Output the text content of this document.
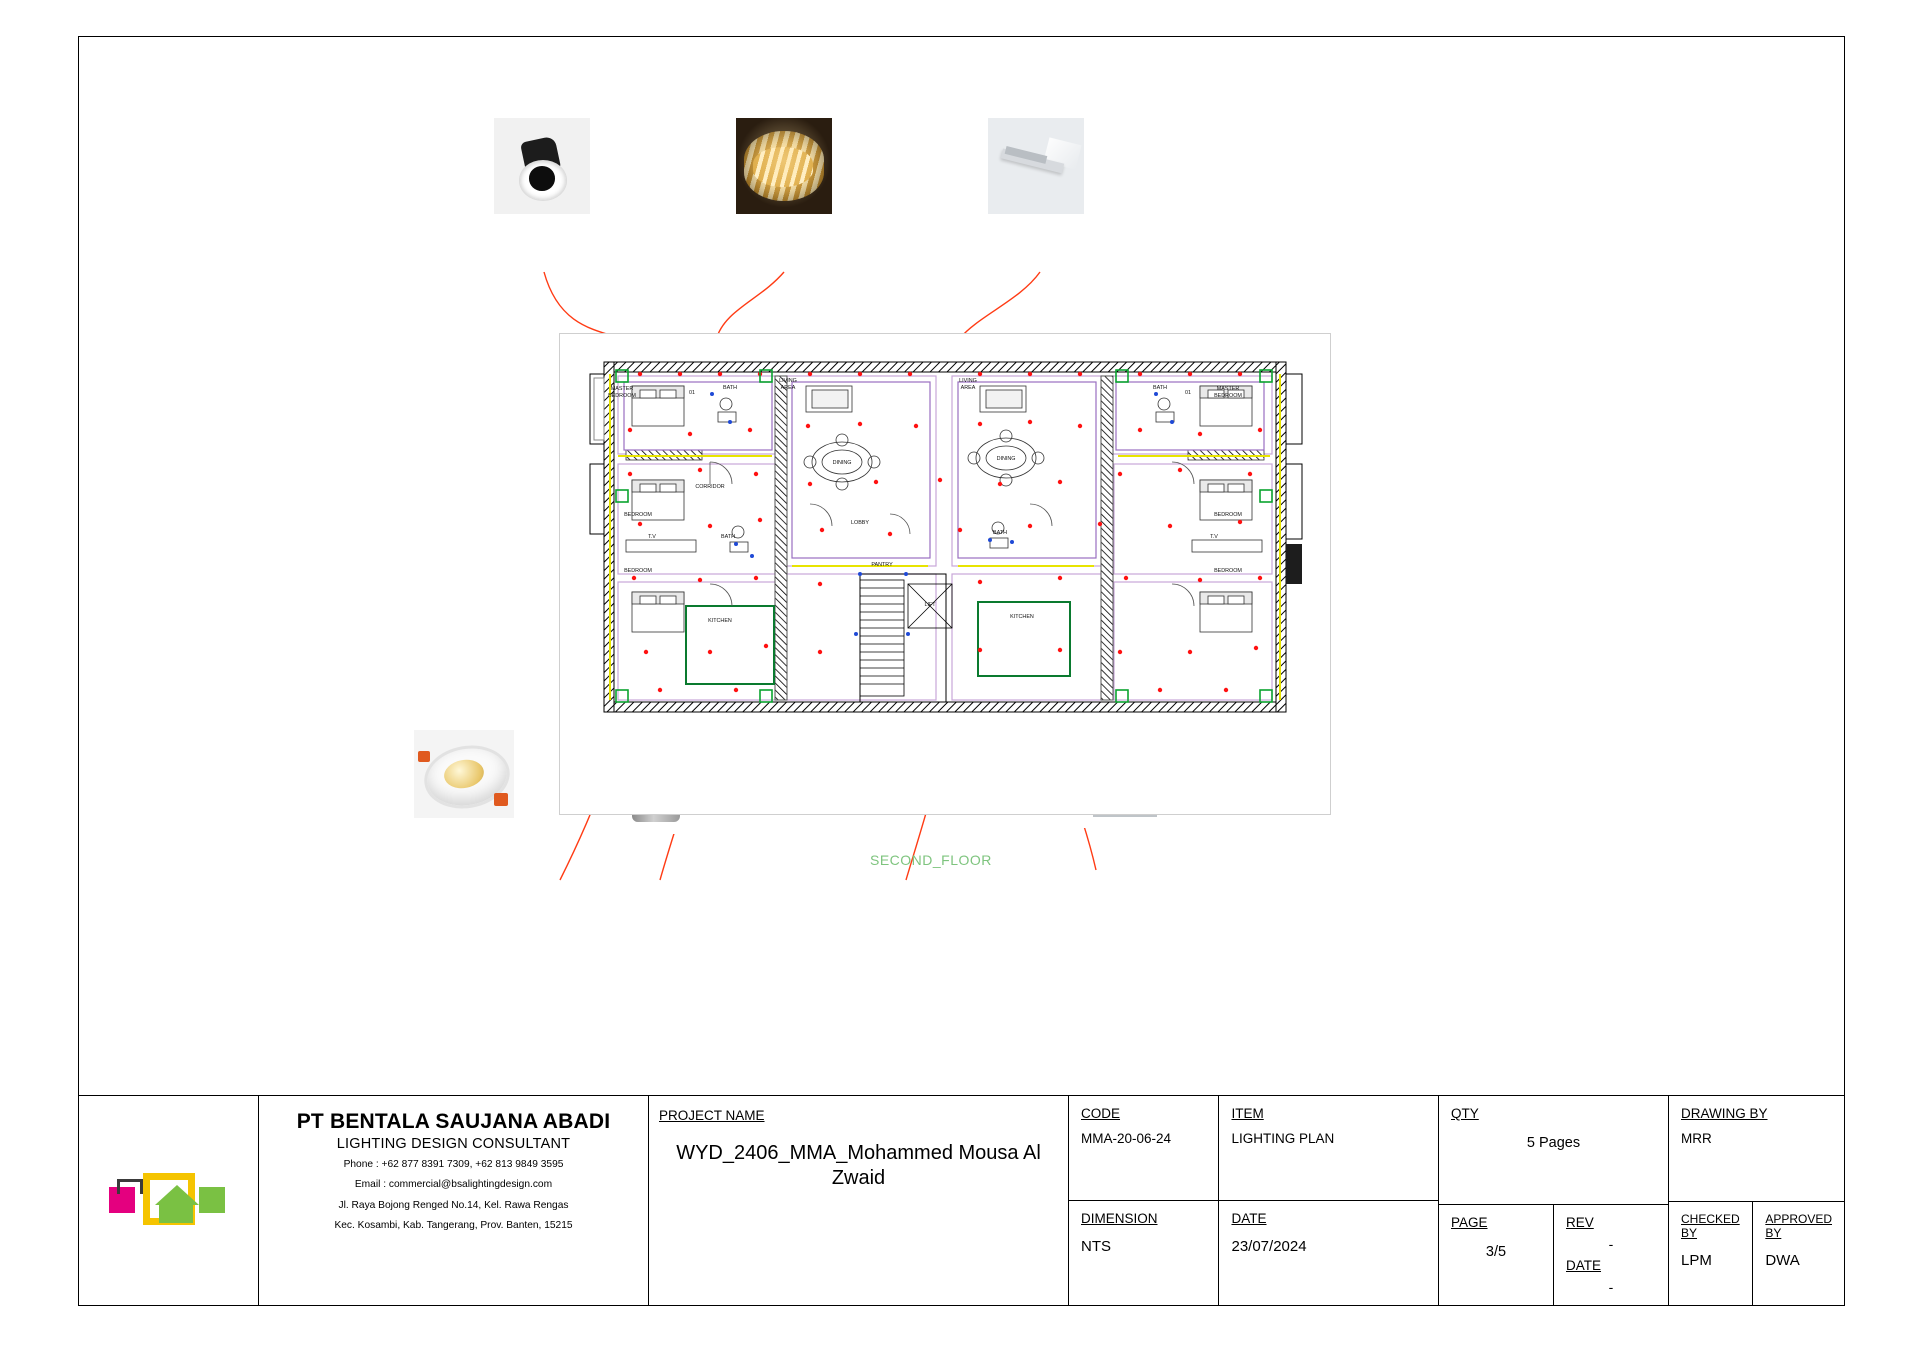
MASTER
BEDROOM	01
BATH
LIVING
AREA
LIVING
AREA	BATH
01
MASTER
BEDROOM
DINING
DINING
CORRIDOR
BEDROOM	BEDROOM
LOBBY
BATH
BATH
T.V	T.V
BEDROOM	BEDROOM
PANTRY
LIFT
KITCHEN
KITCHEN
SECOND_FLOOR
PT BENTALA SAUJANA ABADI
LIGHTING DESIGN CONSULTANT

Phone : +62 877 8391 7309, +62 813 9849 3595

Email : commercial@bsalightingdesign.com

Jl. Raya Bojong Renged No.14, Kel. Rawa Rengas

Kec. Kosambi, Kab. Tangerang, Prov. Banten, 15215

PROJECT NAME
WYD_2406_MMA_Mohammed Mousa Al Zwaid
CODE
MMA-20-06-24
ITEM
LIGHTING PLAN
DIMENSION
NTS
DATE
23/07/2024
QTY
5 Pages
PAGE
3/5
REV
-
DATE
-
DRAWING BY
MRR
CHECKED BY
LPM
APPROVED BY
DWA
